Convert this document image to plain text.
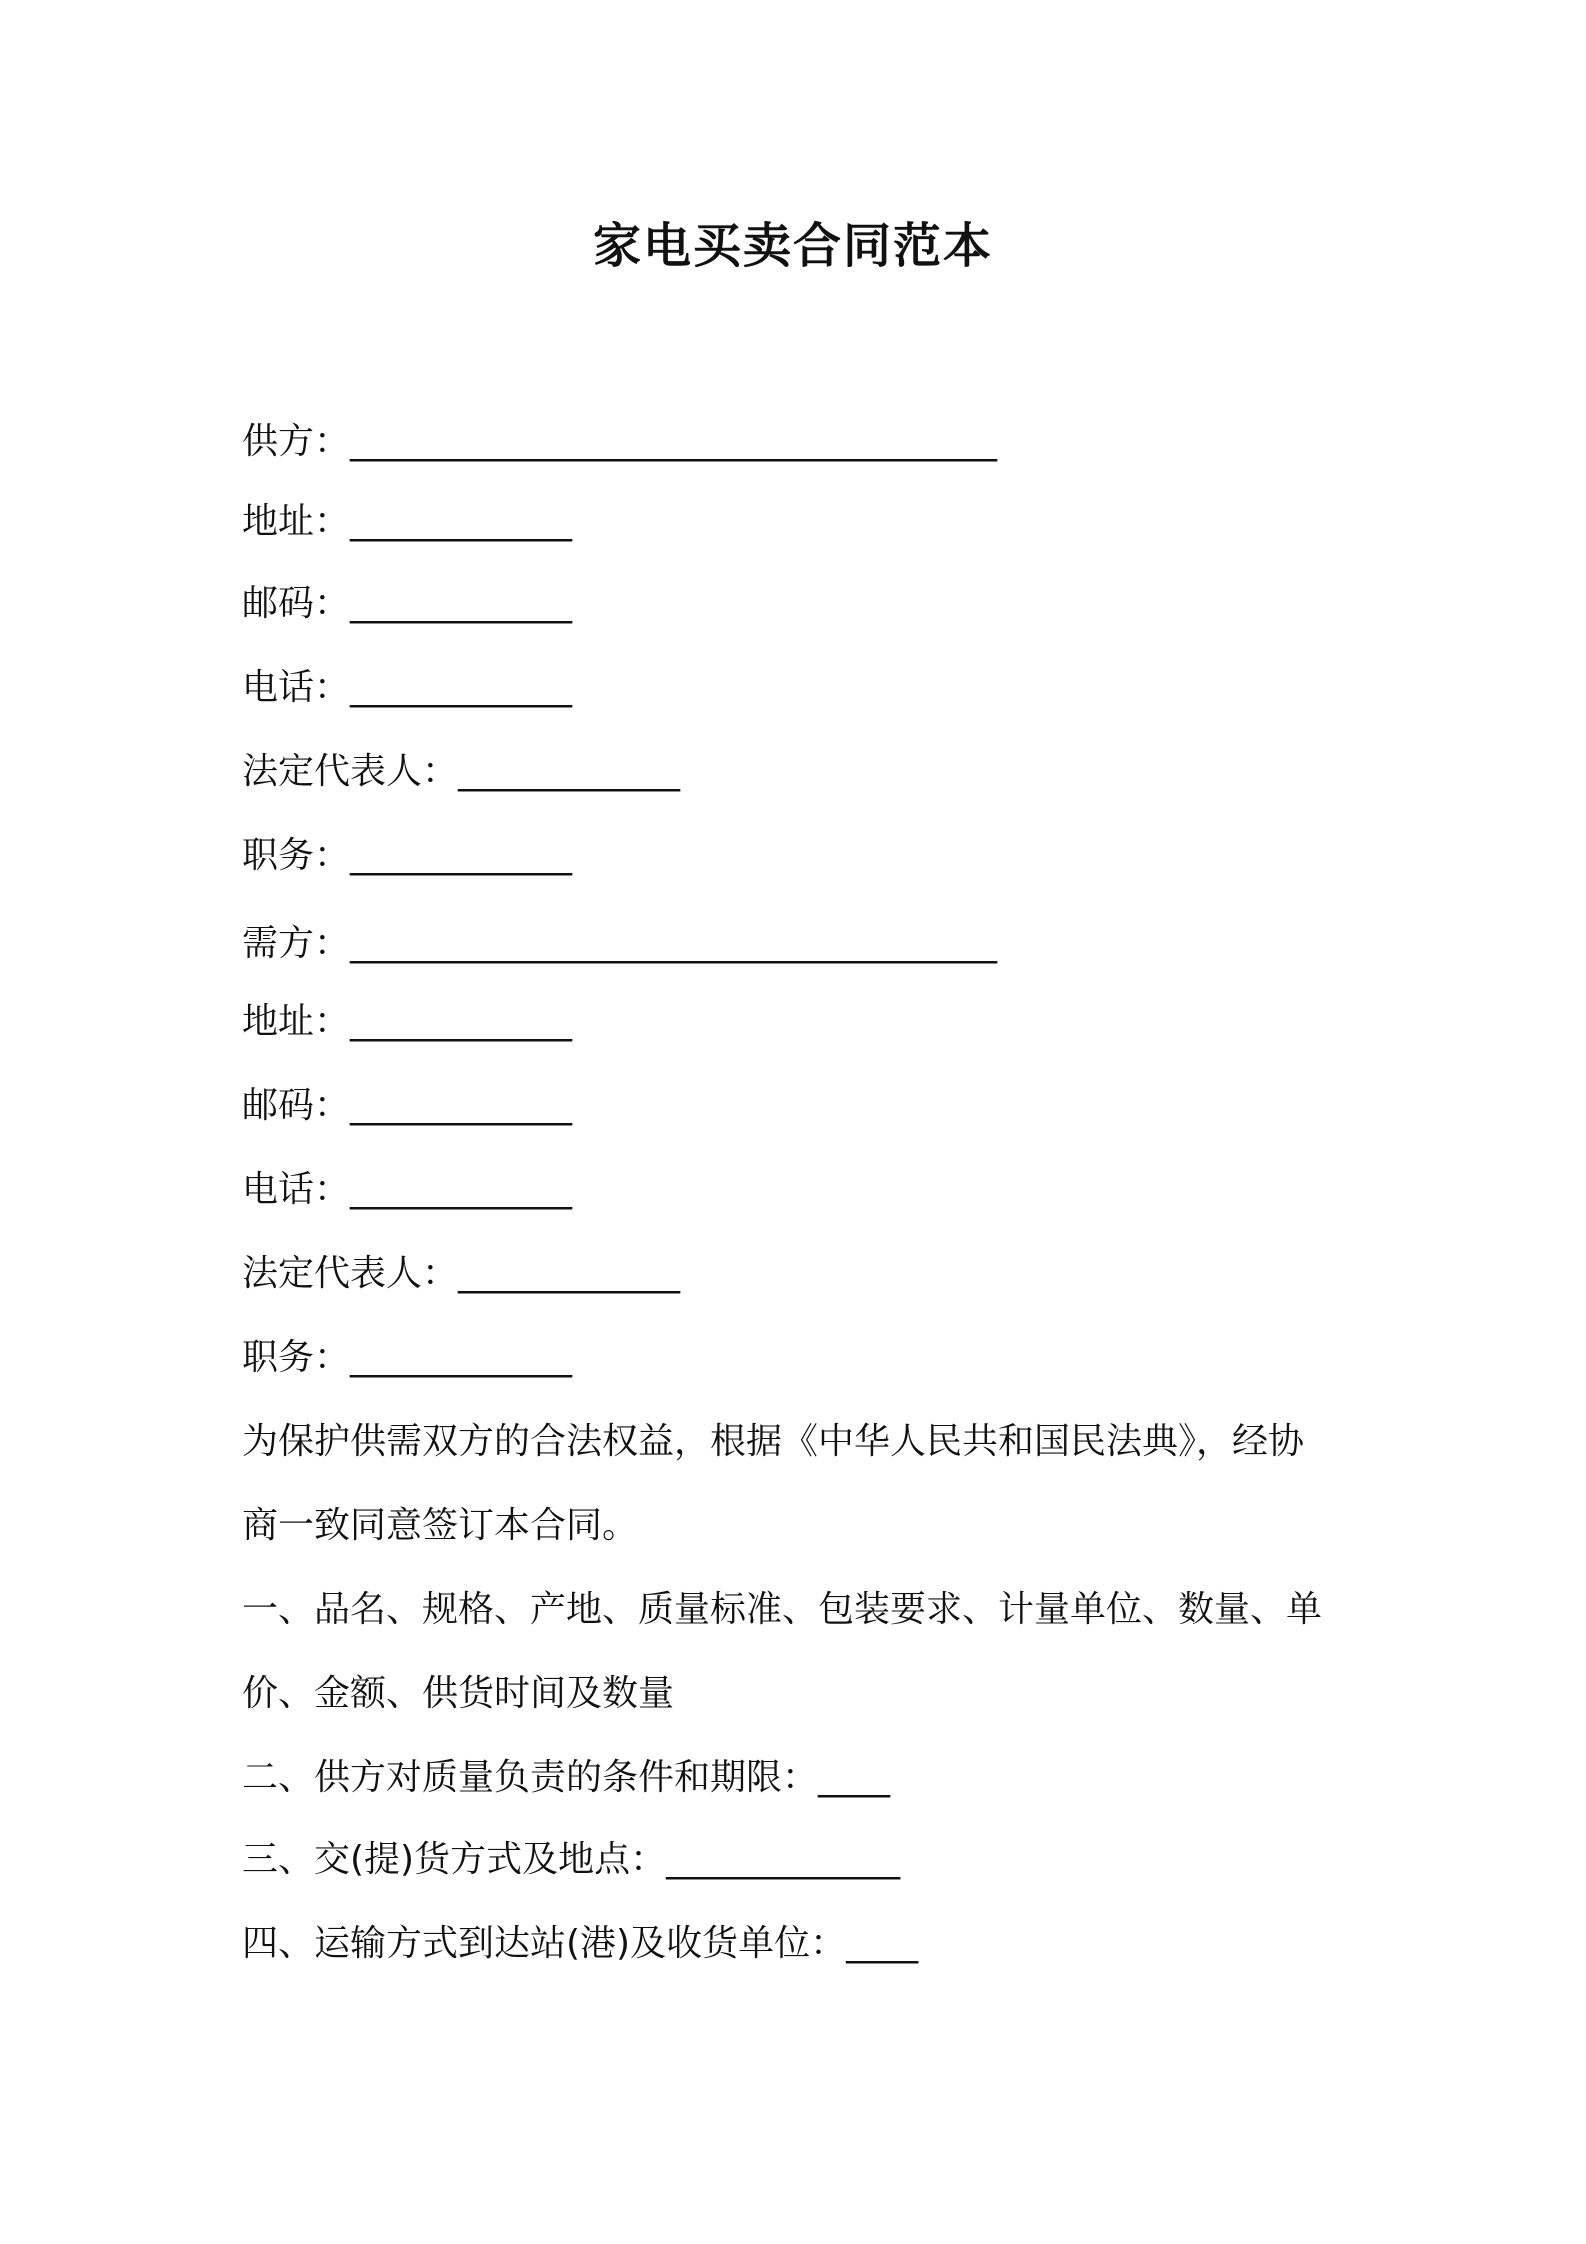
家电买卖合同范本
供方：______________________________________
地址：_____________
邮码：_____________
电话：_____________
法定代表人：_____________
职务：_____________
需方：______________________________________
地址：_____________
邮码：_____________
电话：_____________
法定代表人：_____________
职务：_____________
为保护供需双方的合法权益，根据《中华人民共和国民法典》，经协
商一致同意签订本合同。
一、品名、规格、产地、质量标准、包装要求、计量单位、数量、单
价、金额、供货时间及数量
二、供方对质量负责的条件和期限：____
三、交(提)货方式及地点：_____________
四、运输方式到达站(港)及收货单位：____
